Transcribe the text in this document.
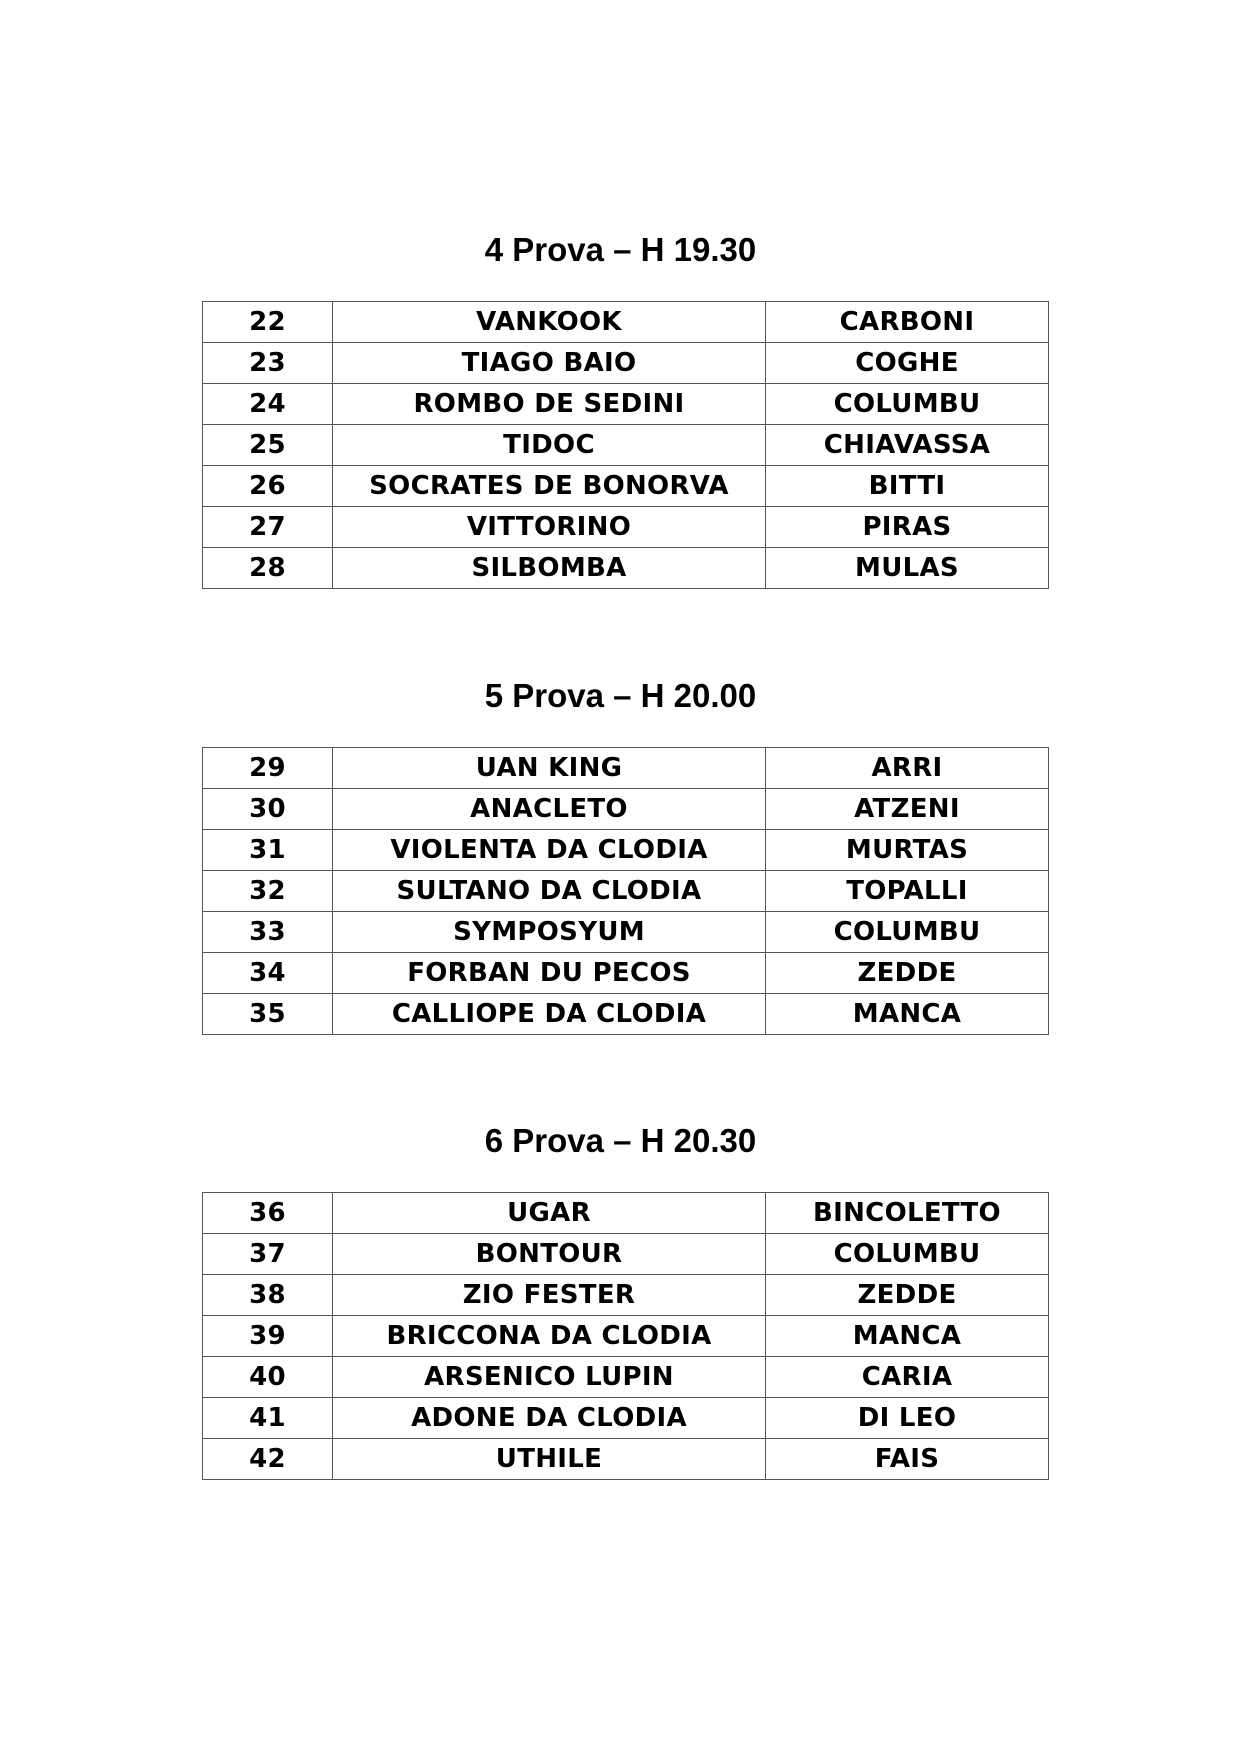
4 Prova – H 19.30
22	VANKOOK	CARBONI
23	TIAGO BAIO	COGHE
24	ROMBO DE SEDINI	COLUMBU
25	TIDOC	CHIAVASSA
26	SOCRATES DE BONORVA	BITTI
27	VITTORINO	PIRAS
28	SILBOMBA	MULAS
5 Prova – H 20.00
29	UAN KING	ARRI
30	ANACLETO	ATZENI
31	VIOLENTA DA CLODIA	MURTAS
32	SULTANO DA CLODIA	TOPALLI
33	SYMPOSYUM	COLUMBU
34	FORBAN DU PECOS	ZEDDE
35	CALLIOPE DA CLODIA	MANCA
6 Prova – H 20.30
36	UGAR	BINCOLETTO
37	BONTOUR	COLUMBU
38	ZIO FESTER	ZEDDE
39	BRICCONA DA CLODIA	MANCA
40	ARSENICO LUPIN	CARIA
41	ADONE DA CLODIA	DI LEO
42	UTHILE	FAIS
